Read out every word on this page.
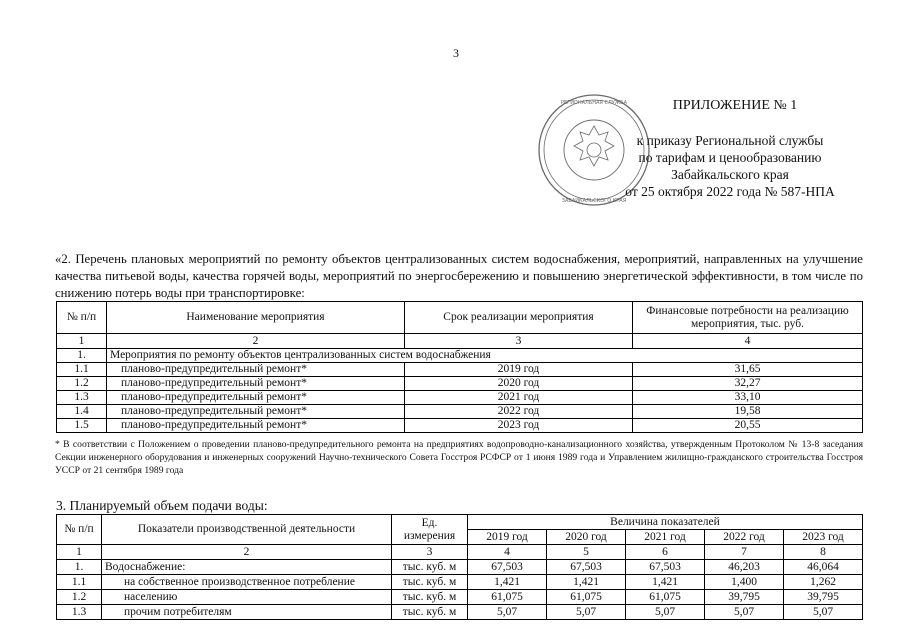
3
РЕГИОНАЛЬНАЯ СЛУЖБА
ЗАБАЙКАЛЬСКОГО КРАЯ
ПРИЛОЖЕНИЕ № 1
к приказу Региональной службы
по тарифам и ценообразованию
Забайкальского края
от 25 октября 2022 года № 587-НПА
«2. Перечень плановых мероприятий по ремонту объектов централизованных систем водоснабжения, мероприятий, направленных на улучшение качества питьевой воды, качества горячей воды, мероприятий по энергосбережению и повышению энергетической эффективности, в том числе по снижению потерь воды при транспортировке:
№ п/п	Наименование мероприятия	Срок реализации мероприятия	Финансовые потребности на реализацию мероприятия, тыс. руб.
1	2	3	4
1.	Мероприятия по ремонту объектов централизованных систем водоснабжения		
1.1	планово-предупредительный ремонт*	2019 год	31,65
1.2	планово-предупредительный ремонт*	2020 год	32,27
1.3	планово-предупредительный ремонт*	2021 год	33,10
1.4	планово-предупредительный ремонт*	2022 год	19,58
1.5	планово-предупредительный ремонт*	2023 год	20,55
* В соответствии с Положением о проведении планово-предупредительного ремонта на предприятиях водопроводно-канализационного хозяйства, утвержденным Протоколом № 13-8 заседания Секции инженерного оборудования и инженерных сооружений Научно-технического Совета Госстроя РСФСР от 1 июня 1989 года и Управлением жилищно-гражданского строительства Госстроя УССР от 21 сентября 1989 года
3. Планируемый объем подачи воды:
№ п/п	Показатели производственной деятельности	Ед. измерения	Величина показателей				
			2019 год	2020 год	2021 год	2022 год	2023 год
1	2	3	4	5	6	7	8
1.	Водоснабжение:	тыс. куб. м	67,503	67,503	67,503	46,203	46,064
1.1	на собственное производственное потребление	тыс. куб. м	1,421	1,421	1,421	1,400	1,262
1.2	населению	тыс. куб. м	61,075	61,075	61,075	39,795	39,795
1.3	прочим потребителям	тыс. куб. м	5,07	5,07	5,07	5,07	5,07
